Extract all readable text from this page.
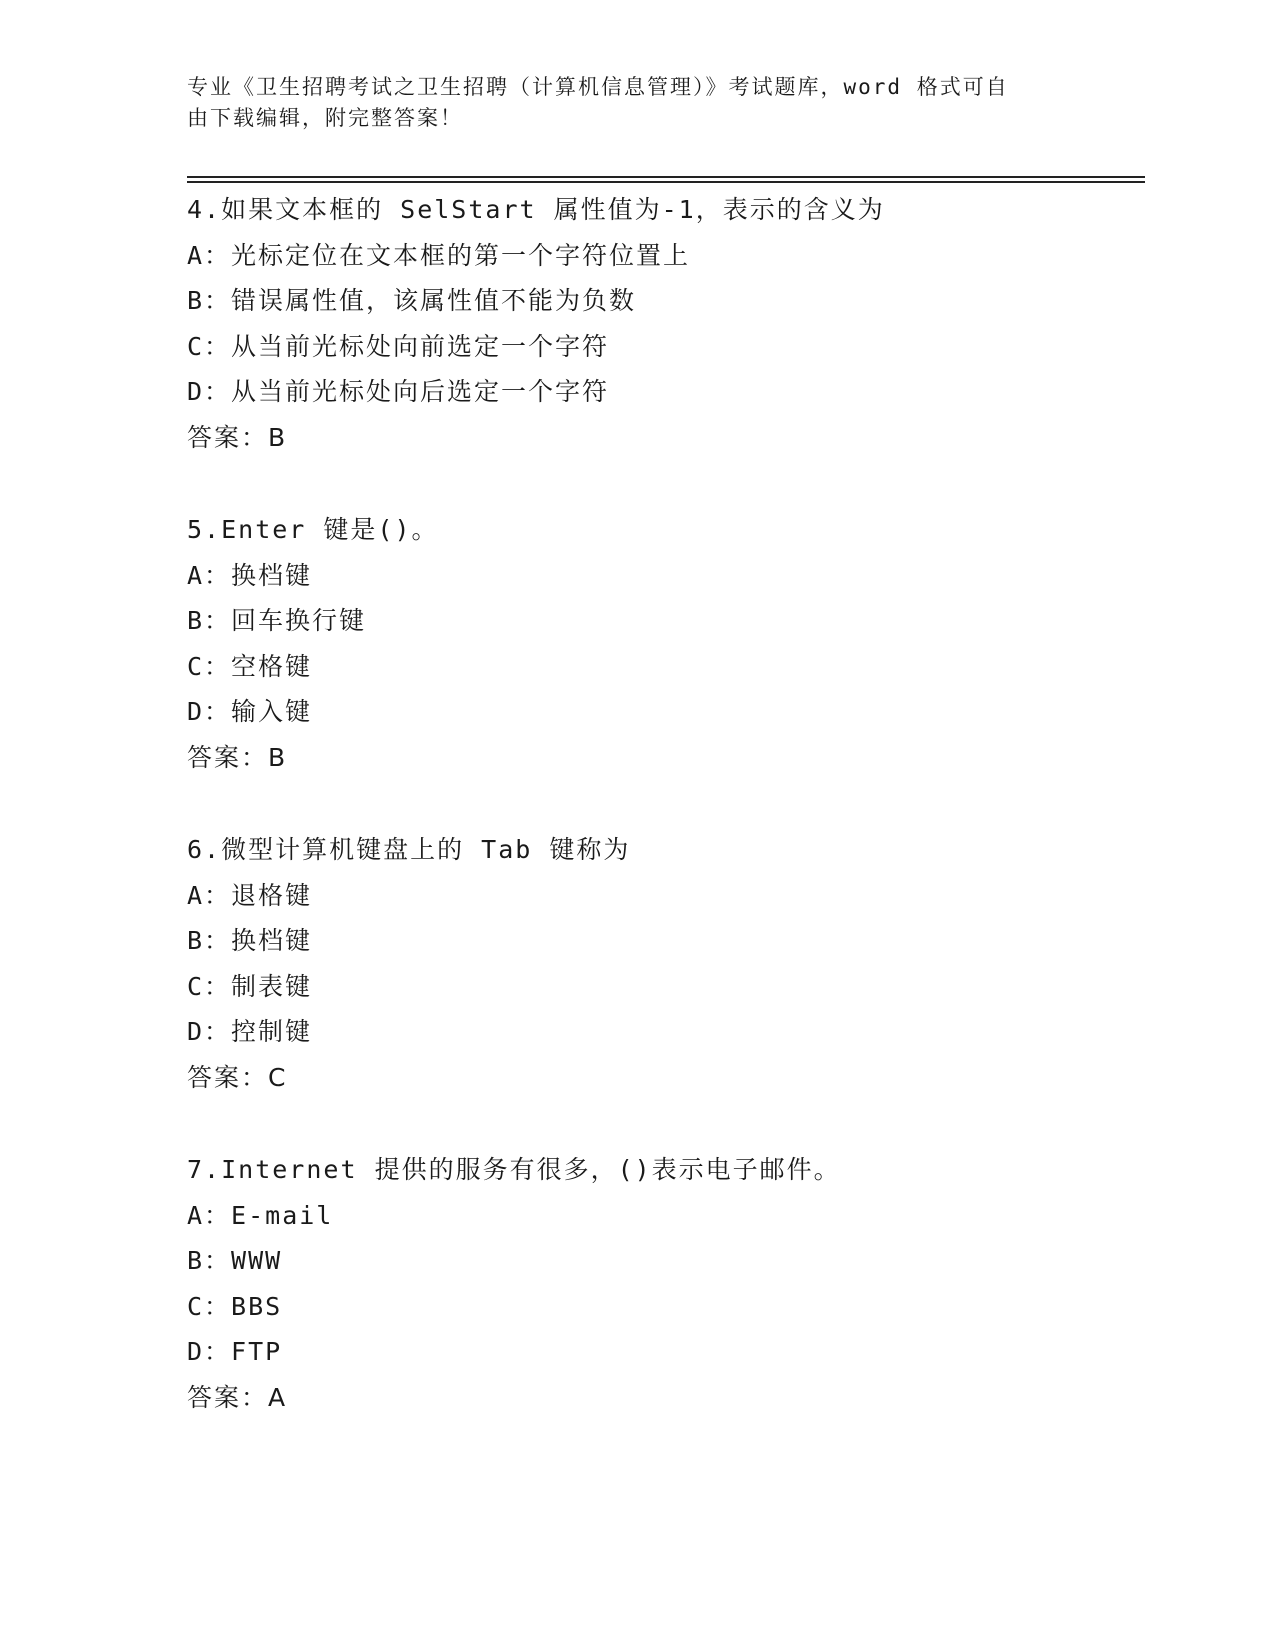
专业《卫生招聘考试之卫生招聘（计算机信息管理）》考试题库，word 格式可自
由下载编辑，附完整答案！
4.如果文本框的 SelStart 属性值为-1，表示的含义为
A：光标定位在文本框的第一个字符位置上
B：错误属性值，该属性值不能为负数
C：从当前光标处向前选定一个字符
D：从当前光标处向后选定一个字符
答案：B
5.Enter 键是()。
A：换档键
B：回车换行键
C：空格键
D：输入键
答案：B
6.微型计算机键盘上的 Tab 键称为
A：退格键
B：换档键
C：制表键
D：控制键
答案：C
7.Internet 提供的服务有很多，()表示电子邮件。
A：E-mail
B：WWW
C：BBS
D：FTP
答案：A
